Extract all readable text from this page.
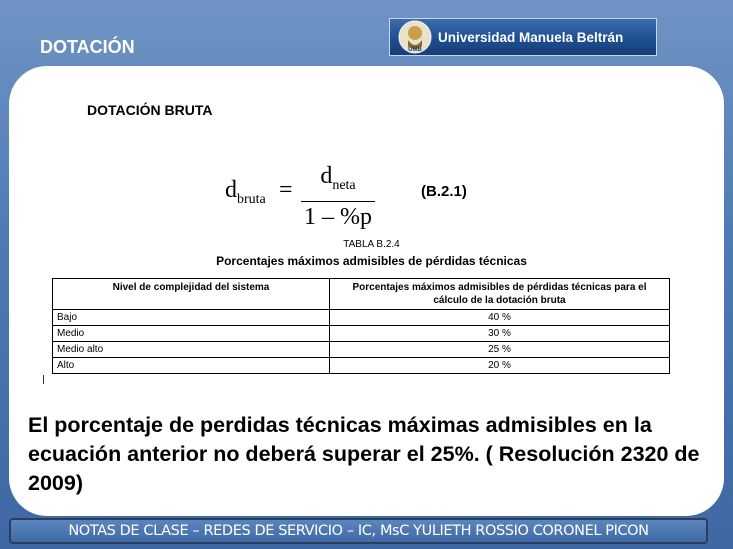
DOTACIÓN	UMB
Universidad Manuela Beltrán
DOTACIÓN BRUTA
$d_{bruta}$ =
$d_{neta}$
1 – %p
(B.2.1)
TABLA B.2.4
Porcentajes máximos admisibles de pérdidas técnicas
Nivel de complejidad del sistema	Porcentajes máximos admisibles de pérdidas técnicas para el cálculo de la dotación bruta
Bajo	40 %
Medio	30 %
Medio alto	25 %
Alto	20 %
El porcentaje de perdidas técnicas máximas admisibles en la ecuación anterior no deberá superar el 25%. ( Resolución 2320 de 2009)
NOTAS DE CLASE – REDES DE SERVICIO – IC, MsC YULIETH ROSSIO CORONEL PICON
